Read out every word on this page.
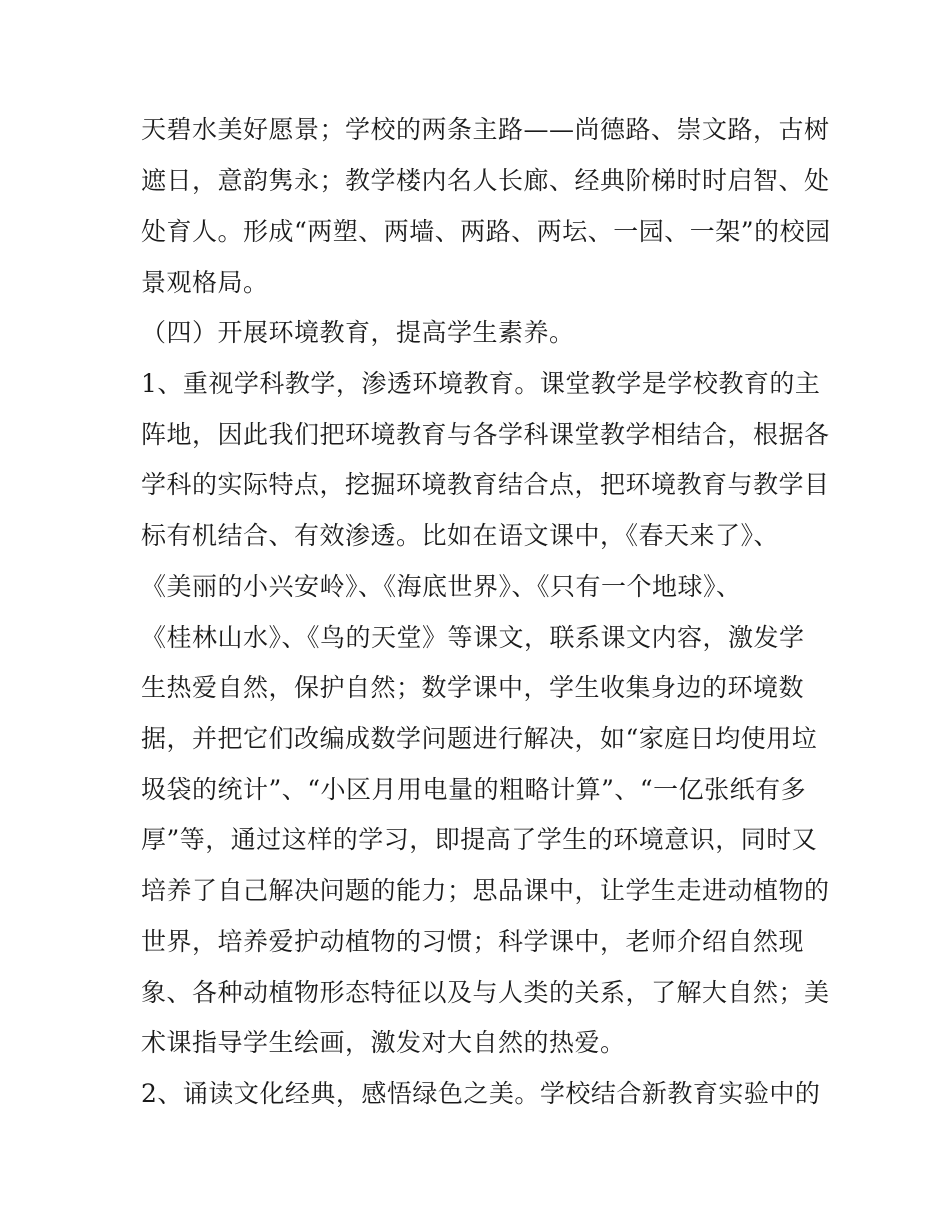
天碧水美好愿景；学校的两条主路——尚德路、崇文路，古树

遮日，意韵隽永；教学楼内名人长廊、经典阶梯时时启智、处

处育人。形成“两塑、两墙、两路、两坛、一园、一架”的校园

景观格局。

（四）开展环境教育，提高学生素养。

1、重视学科教学，渗透环境教育。课堂教学是学校教育的主

阵地，因此我们把环境教育与各学科课堂教学相结合，根据各

学科的实际特点，挖掘环境教育结合点，把环境教育与教学目

标有机结合、有效渗透。比如在语文课中，《春天来了》、

《美丽的小兴安岭》、《海底世界》、《只有一个地球》、

《桂林山水》、《鸟的天堂》等课文，联系课文内容，激发学

生热爱自然，保护自然；数学课中，学生收集身边的环境数

据，并把它们改编成数学问题进行解决，如“家庭日均使用垃

圾袋的统计”、“小区月用电量的粗略计算”、“一亿张纸有多

厚”等，通过这样的学习，即提高了学生的环境意识，同时又

培养了自己解决问题的能力；思品课中，让学生走进动植物的

世界，培养爱护动植物的习惯；科学课中，老师介绍自然现

象、各种动植物形态特征以及与人类的关系，了解大自然；美

术课指导学生绘画，激发对大自然的热爱。

2、诵读文化经典，感悟绿色之美。学校结合新教育实验中的
